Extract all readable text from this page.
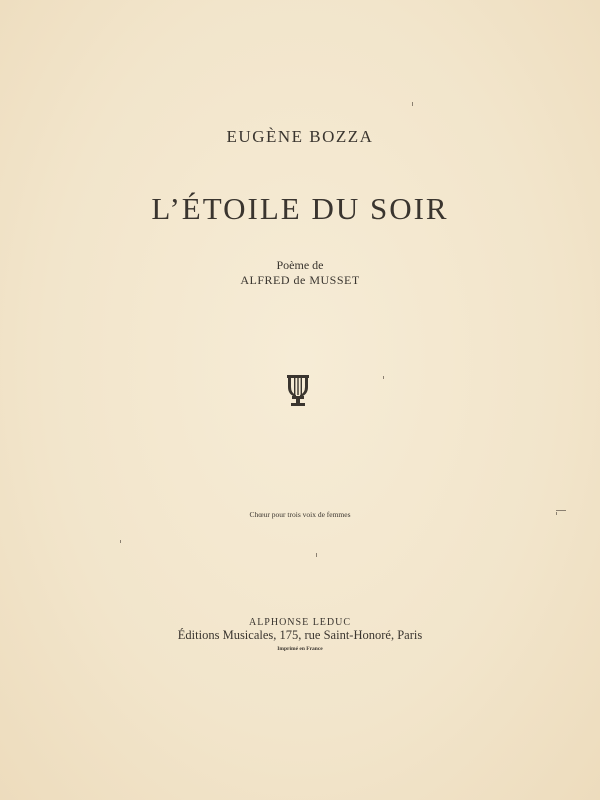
EUGÈNE BOZZA
L’ÉTOILE DU SOIR
Poème de
ALFRED de MUSSET
Chœur pour trois voix de femmes
ALPHONSE LEDUC
Éditions Musicales, 175, rue Saint-Honoré, Paris
Imprimé en France
